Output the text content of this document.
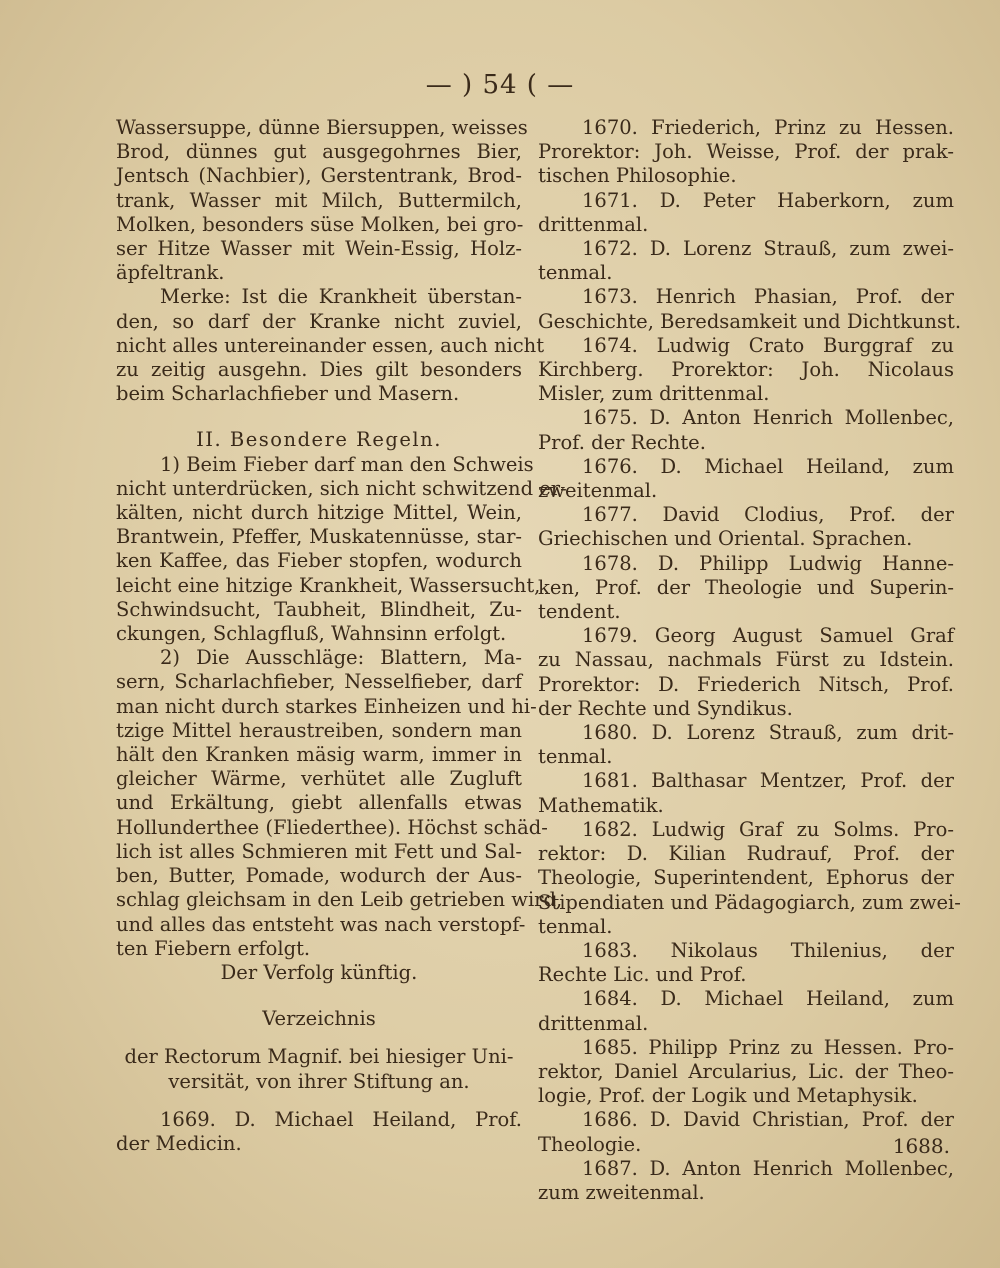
— ) 54 ( —
Wassersuppe, dünne Biersuppen, weisses
Brod, dünnes gut ausgegohrnes Bier,
Jentsch (Nachbier), Gerstentrank, Brod-
trank, Wasser mit Milch, Buttermilch,
Molken, besonders süse Molken, bei gro-
ser Hitze Wasser mit Wein-Essig, Holz-
äpfeltrank.
Merke: Ist die Krankheit überstan-
den, so darf der Kranke nicht zuviel,
nicht alles untereinander essen, auch nicht
zu zeitig ausgehn. Dies gilt besonders
beim Scharlachfieber und Masern.
II. Besondere Regeln.
1) Beim Fieber darf man den Schweis
nicht unterdrücken, sich nicht schwitzend er-
kälten, nicht durch hitzige Mittel, Wein,
Brantwein, Pfeffer, Muskatennüsse, star-
ken Kaffee, das Fieber stopfen, wodurch
leicht eine hitzige Krankheit, Wassersucht,
Schwindsucht, Taubheit, Blindheit, Zu-
ckungen, Schlagfluß, Wahnsinn erfolgt.
2) Die Ausschläge: Blattern, Ma-
sern, Scharlachfieber, Nesselfieber, darf
man nicht durch starkes Einheizen und hi-
tzige Mittel heraustreiben, sondern man
hält den Kranken mäsig warm, immer in
gleicher Wärme, verhütet alle Zugluft
und Erkältung, giebt allenfalls etwas
Hollunderthee (Fliederthee). Höchst schäd-
lich ist alles Schmieren mit Fett und Sal-
ben, Butter, Pomade, wodurch der Aus-
schlag gleichsam in den Leib getrieben wird,
und alles das entsteht was nach verstopf-
ten Fiebern erfolgt.
Der Verfolg künftig.
Verzeichnis
der Rectorum Magnif. bei hiesiger Uni-
versität, von ihrer Stiftung an.
1669. D. Michael Heiland, Prof.
der Medicin.
1670. Friederich, Prinz zu Hessen.
Prorektor: Joh. Weisse, Prof. der prak-
tischen Philosophie.
1671. D. Peter Haberkorn, zum
drittenmal.
1672. D. Lorenz Strauß, zum zwei-
tenmal.
1673. Henrich Phasian, Prof. der
Geschichte, Beredsamkeit und Dichtkunst.
1674. Ludwig Crato Burggraf zu
Kirchberg. Prorektor: Joh. Nicolaus
Misler, zum drittenmal.
1675. D. Anton Henrich Mollenbec,
Prof. der Rechte.
1676. D. Michael Heiland, zum
zweitenmal.
1677. David Clodius, Prof. der
Griechischen und Oriental. Sprachen.
1678. D. Philipp Ludwig Hanne-
ken, Prof. der Theologie und Superin-
tendent.
1679. Georg August Samuel Graf
zu Nassau, nachmals Fürst zu Idstein.
Prorektor: D. Friederich Nitsch, Prof.
der Rechte und Syndikus.
1680. D. Lorenz Strauß, zum drit-
tenmal.
1681. Balthasar Mentzer, Prof. der
Mathematik.
1682. Ludwig Graf zu Solms. Pro-
rektor: D. Kilian Rudrauf, Prof. der
Theologie, Superintendent, Ephorus der
Stipendiaten und Pädagogiarch, zum zwei-
tenmal.
1683. Nikolaus Thilenius, der
Rechte Lic. und Prof.
1684. D. Michael Heiland, zum
drittenmal.
1685. Philipp Prinz zu Hessen. Pro-
rektor, Daniel Arcularius, Lic. der Theo-
logie, Prof. der Logik und Metaphysik.
1686. D. David Christian, Prof. der
Theologie.
1687. D. Anton Henrich Mollenbec,
zum zweitenmal.
1688.
